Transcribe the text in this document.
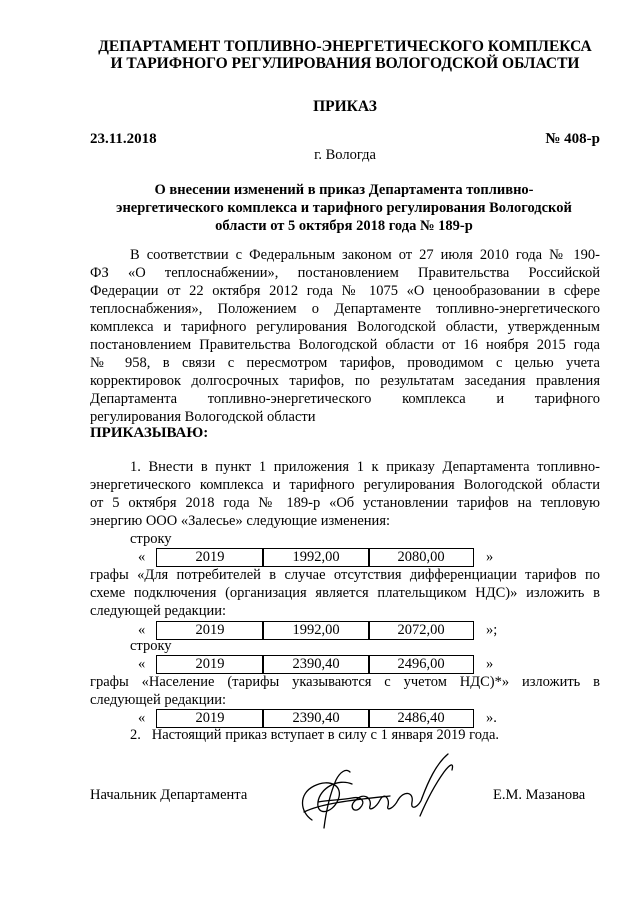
ДЕПАРТАМЕНТ ТОПЛИВНО-ЭНЕРГЕТИЧЕСКОГО КОМПЛЕКСА
И ТАРИФНОГО РЕГУЛИРОВАНИЯ ВОЛОГОДСКОЙ ОБЛАСТИ
ПРИКАЗ
23.11.2018	№ 408-р
г. Вологда
О внесении изменений в приказ Департамента топливно-
энергетического комплекса и тарифного регулирования Вологодской
области от 5 октября 2018 года № 189-р
В соответствии с Федеральным законом от 27 июля 2010 года № 190-
ФЗ «О теплоснабжении», постановлением Правительства Российской
Федерации от 22 октября 2012 года № 1075 «О ценообразовании в сфере
теплоснабжения», Положением о Департаменте топливно-энергетического
комплекса и тарифного регулирования Вологодской области, утвержденным
постановлением Правительства Вологодской области от 16 ноября 2015 года
№ 958, в связи с пересмотром тарифов, проводимом с целью учета
корректировок долгосрочных тарифов, по результатам заседания правления
Департамента топливно-энергетического комплекса и тарифного
регулирования Вологодской области
ПРИКАЗЫВАЮ:
1. Внести в пункт 1 приложения 1 к приказу Департамента топливно-
энергетического комплекса и тарифного регулирования Вологодской области
от 5 октября 2018 года № 189-р «Об установлении тарифов на тепловую
энергию ООО «Залесье» следующие изменения:
строку
«	2019	1992,00	2080,00	»
графы «Для потребителей в случае отсутствия дифференциации тарифов по
схеме подключения (организация является плательщиком НДС)» изложить в
следующей редакции:
«	2019	1992,00	2072,00	»;
строку
«	2019	2390,40	2496,00	»
графы «Население (тарифы указываются с учетом НДС)*» изложить в
следующей редакции:
«	2019	2390,40	2486,40	».
2.   Настоящий приказ вступает в силу с 1 января 2019 года.
Начальник Департамента	Е.М. Мазанова
